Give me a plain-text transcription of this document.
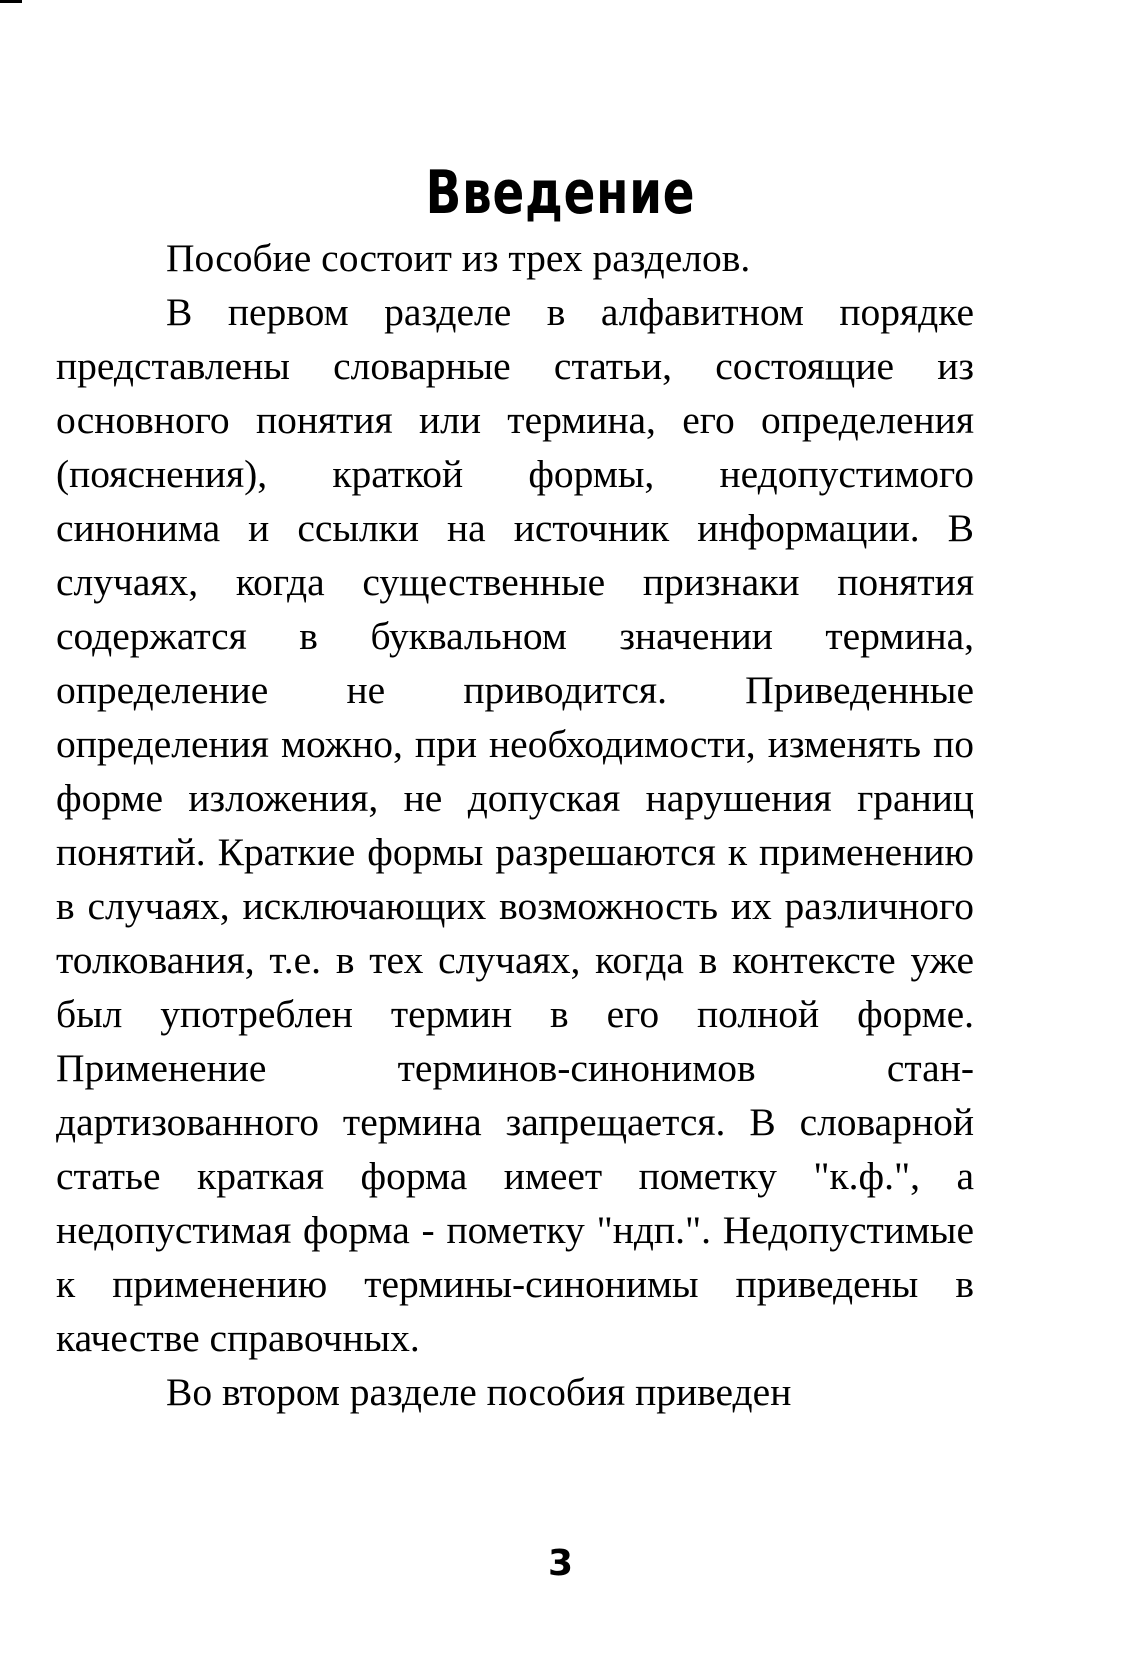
Введение

Пособие состоит из трех разделов.

В первом разделе в алфавитном порядке представлены словарные статьи, состоящие из основного понятия или термина, его определения (пояснения), краткой формы, недопустимого синонима и ссылки на источник информации. В случаях, когда существенные признаки понятия содержатся в буквальном значении термина, определение не приводится. Приведенные определения можно, при необходимости, изменять по форме изложения, не допуская нарушения границ понятий. Краткие формы разрешаются к применению в случаях, исключающих возможность их различного толкования, т.е. в тех случаях, когда в контексте уже был употреблен термин в его полной форме. Применение терминов-синонимов стандартизованного термина запрещается. В словарной статье краткая форма имеет пометку "к.ф.", а недопустимая форма - пометку "ндп.". Недопустимые к применению термины-синонимы приведены в качестве справочных.

Во втором разделе пособия приведен

3
